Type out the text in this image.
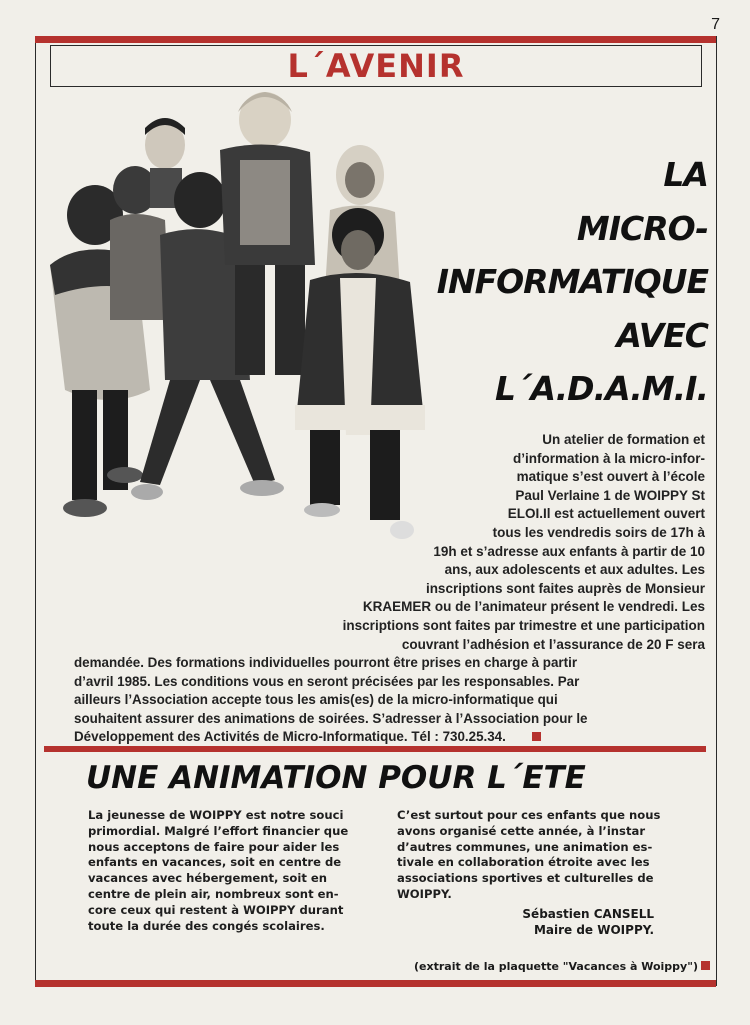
7
L´AVENIR
LA
MICRO-
INFORMATIQUE
AVEC
L´A.D.A.M.I.
Un atelier de formation et
d’information à la micro-infor-
matique s’est ouvert à l’école
Paul Verlaine 1 de WOIPPY St
ELOI.Il est actuellement ouvert
tous les vendredis soirs de 17h à
19h et s’adresse aux enfants à partir de 10
ans, aux adolescents et aux adultes. Les
inscriptions sont faites auprès de Monsieur
KRAEMER ou de l’animateur présent le vendredi. Les
inscriptions sont faites par trimestre et une participation
couvrant l’adhésion et l’assurance de 20 F sera
demandée. Des formations individuelles pourront être prises en charge à partir
d’avril 1985. Les conditions vous en seront précisées par les responsables. Par
ailleurs l’Association accepte tous les amis(es) de la micro-informatique qui
souhaitent assurer des animations de soirées. S’adresser à l’Association pour le
Développement des Activités de Micro-Informatique. Tél : 730.25.34.
UNE ANIMATION POUR L´ETE
La jeunesse de WOIPPY est notre souci
primordial. Malgré l’effort financier que
nous acceptons de faire pour aider les
enfants en vacances, soit en centre de
vacances avec hébergement, soit en
centre de plein air, nombreux sont en-
core ceux qui restent à WOIPPY durant
toute la durée des congés scolaires.
C’est surtout pour ces enfants que nous
avons organisé cette année, à l’instar
d’autres communes, une animation es-
tivale en collaboration étroite avec les
associations sportives et culturelles de
WOIPPY.
Sébastien CANSELL
Maire de WOIPPY.
(extrait de la plaquette "Vacances à Woippy")
